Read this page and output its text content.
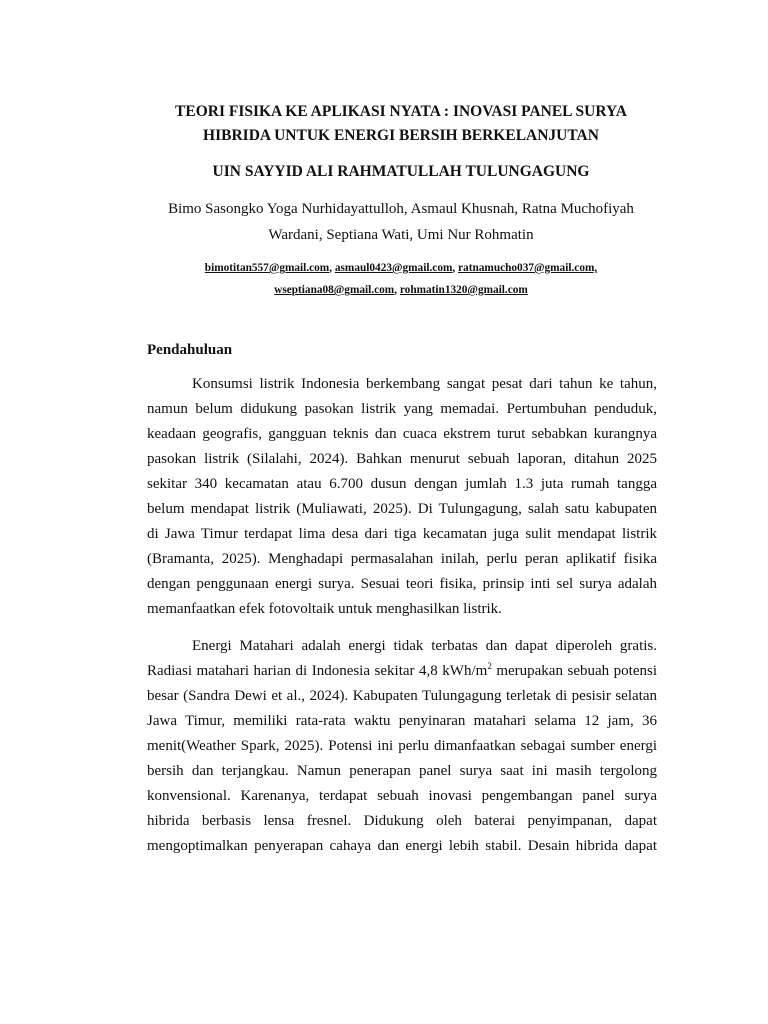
TEORI FISIKA KE APLIKASI NYATA : INOVASI PANEL SURYA
HIBRIDA UNTUK ENERGI BERSIH BERKELANJUTAN
UIN SAYYID ALI RAHMATULLAH TULUNGAGUNG
Bimo Sasongko Yoga Nurhidayattulloh, Asmaul Khusnah, Ratna Muchofiyah
Wardani, Septiana Wati, Umi Nur Rohmatin
bimotitan557@gmail.com, asmaul0423@gmail.com, ratnamucho037@gmail.com,
wseptiana08@gmail.com, rohmatin1320@gmail.com
Pendahuluan
Konsumsi listrik Indonesia berkembang sangat pesat dari tahun ke tahun,
namun belum didukung pasokan listrik yang memadai. Pertumbuhan penduduk,
keadaan geografis, gangguan teknis dan cuaca ekstrem turut sebabkan kurangnya
pasokan listrik (Silalahi, 2024). Bahkan menurut sebuah laporan, ditahun 2025
sekitar 340 kecamatan atau 6.700 dusun dengan jumlah 1.3 juta rumah tangga
belum mendapat listrik (Muliawati, 2025). Di Tulungagung, salah satu kabupaten
di Jawa Timur terdapat lima desa dari tiga kecamatan juga sulit mendapat listrik
(Bramanta, 2025). Menghadapi permasalahan inilah, perlu peran aplikatif fisika
dengan penggunaan energi surya. Sesuai teori fisika, prinsip inti sel surya adalah
memanfaatkan efek fotovoltaik untuk menghasilkan listrik.
Energi Matahari adalah energi tidak terbatas dan dapat diperoleh gratis.
Radiasi matahari harian di Indonesia sekitar 4,8 kWh/$m^2$ merupakan sebuah potensi
besar (Sandra Dewi et al., 2024). Kabupaten Tulungagung terletak di pesisir selatan
Jawa Timur, memiliki rata-rata waktu penyinaran matahari selama 12 jam, 36
menit(Weather Spark, 2025). Potensi ini perlu dimanfaatkan sebagai sumber energi
bersih dan terjangkau. Namun penerapan panel surya saat ini masih tergolong
konvensional. Karenanya, terdapat sebuah inovasi pengembangan panel surya
hibrida berbasis lensa fresnel. Didukung oleh baterai penyimpanan, dapat
mengoptimalkan penyerapan cahaya dan energi lebih stabil. Desain hibrida dapat
